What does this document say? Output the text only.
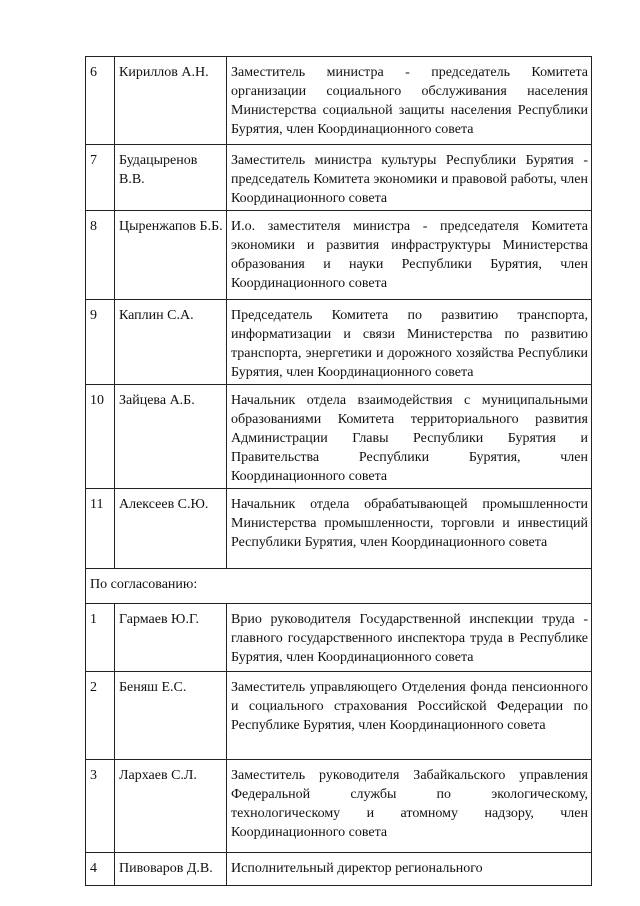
6	Кириллов А.Н.	Заместитель министра - председатель Комитета организации социального обслуживания населения Министерства социальной защиты населения Республики Бурятия, член Координационного совета
7	Будацыренов В.В.	Заместитель министра культуры Республики Бурятия - председатель Комитета экономики и правовой работы, член Координационного совета
8	Цыренжапов Б.Б.	И.о. заместителя министра - председателя Комитета экономики и развития инфраструктуры Министерства образования и науки Республики Бурятия, член Координационного совета
9	Каплин С.А.	Председатель Комитета по развитию транспорта, информатизации и связи Министерства по развитию транспорта, энергетики и дорожного хозяйства Республики Бурятия, член Координационного совета
10	Зайцева А.Б.	Начальник отдела взаимодействия с муниципальными образованиями Комитета территориального развития Администрации Главы Республики Бурятия и Правительства Республики Бурятия, член Координационного совета
11	Алексеев С.Ю.	Начальник отдела обрабатывающей промышленности Министерства промышленности, торговли и инвестиций Республики Бурятия, член Координационного совета
По согласованию:		
1	Гармаев Ю.Г.	Врио руководителя Государственной инспекции труда - главного государственного инспектора труда в Республике Бурятия, член Координационного совета
2	Беняш Е.С.	Заместитель управляющего Отделения фонда пенсионного и социального страхования Российской Федерации по Республике Бурятия, член Координационного совета
3	Лархаев С.Л.	Заместитель руководителя Забайкальского управления Федеральной службы по экологическому, технологическому и атомному надзору, член Координационного совета
4	Пивоваров Д.В.	Исполнительный директор регионального
